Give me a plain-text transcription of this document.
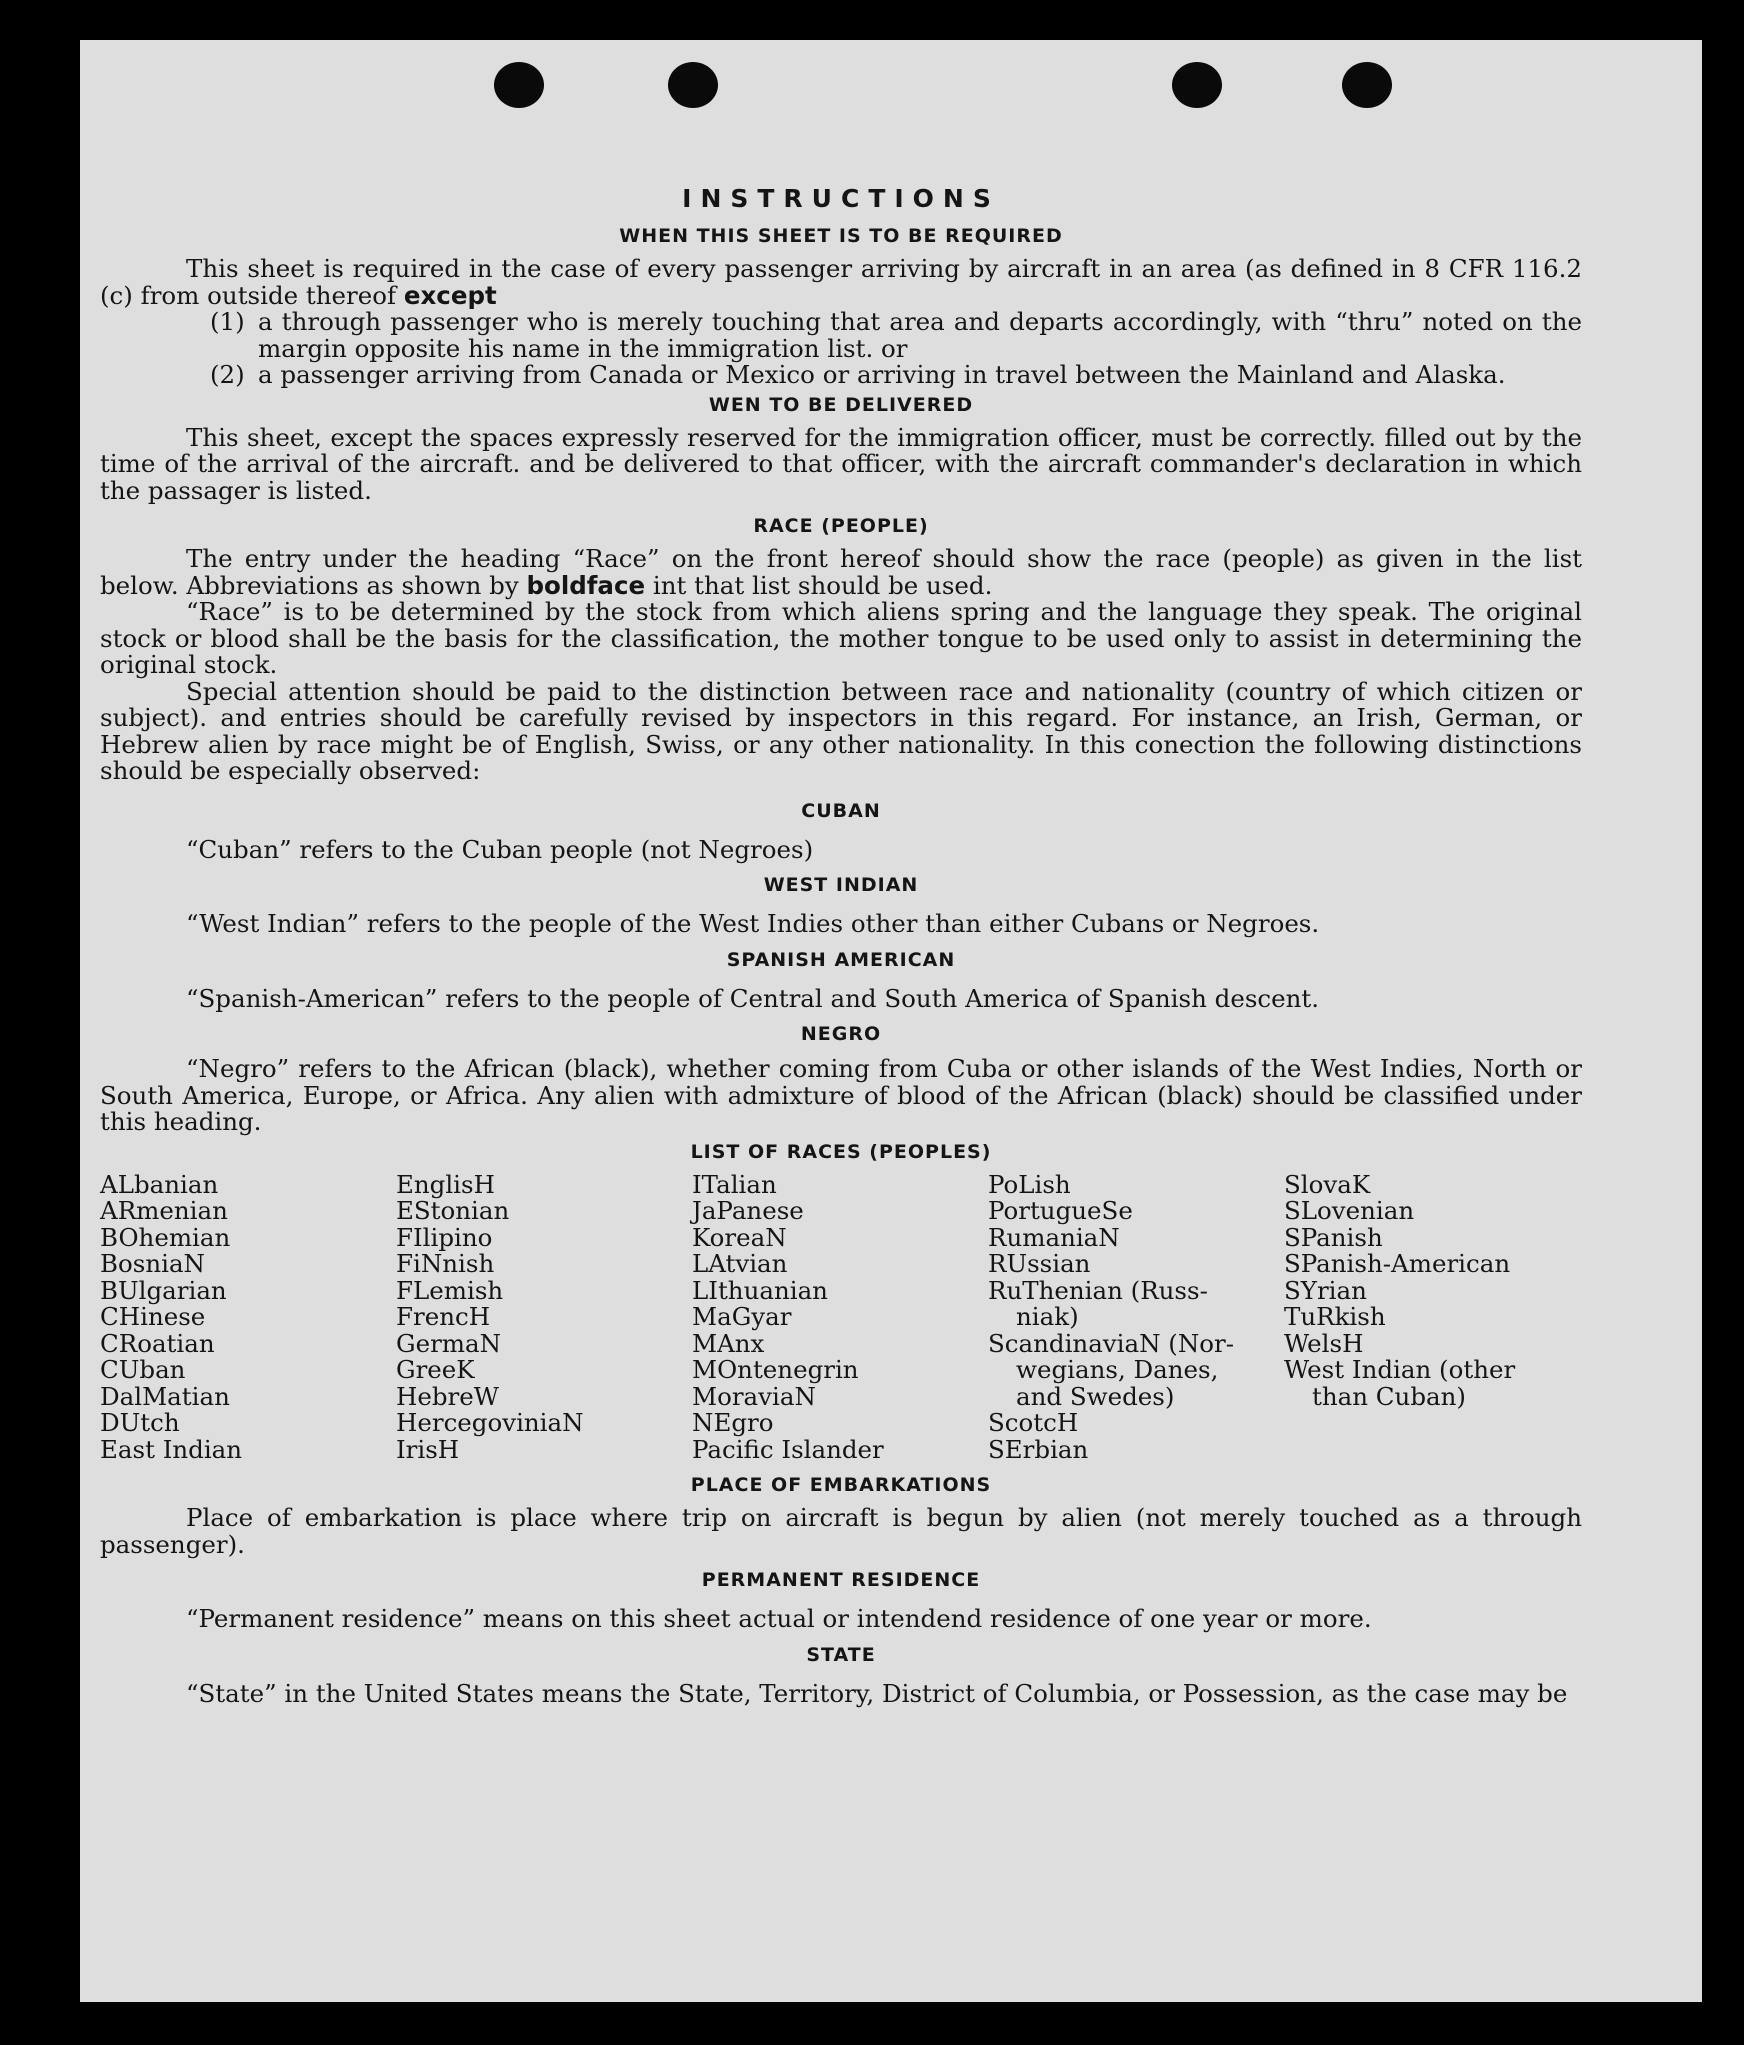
INSTRUCTIONS
WHEN THIS SHEET IS TO BE REQUIRED

This sheet is required in the case of every passenger arriving by aircraft in an area (as defined in 8 CFR 116.2 (c) from outside thereof except

(1) a through passenger who is merely touching that area and departs accordingly, with “thru” noted on the margin opposite his name in the immigration list. or
(2) a passenger arriving from Canada or Mexico or arriving in travel between the Mainland and Alaska.
WEN TO BE DELIVERED

This sheet, except the spaces expressly reserved for the immigration officer, must be correctly. filled out by the time of the arrival of the aircraft. and be delivered to that officer, with the aircraft commander's declaration in which the passager is listed.

RACE (PEOPLE)

The entry under the heading “Race” on the front hereof should show the race (people) as given in the list below. Abbreviations as shown by boldface int that list should be used.

“Race” is to be determined by the stock from which aliens spring and the language they speak. The original stock or blood shall be the basis for the classification, the mother tongue to be used only to assist in determining the original stock.

Special attention should be paid to the distinction between race and nationality (country of which citizen or subject). and entries should be carefully revised by inspectors in this regard. For instance, an Irish, German, or Hebrew alien by race might be of English, Swiss, or any other nationality. In this conection the following distinctions should be especially observed:

CUBAN

“Cuban” refers to the Cuban people (not Negroes)

WEST INDIAN

“West Indian” refers to the people of the West Indies other than either Cubans or Negroes.

SPANISH AMERICAN

“Spanish-American” refers to the people of Central and South America of Spanish descent.

NEGRO

“Negro” refers to the African (black), whether coming from Cuba or other islands of the West Indies, North or South America, Europe, or Africa. Any alien with admixture of blood of the African (black) should be classified under this heading.

LIST OF RACES (PEOPLES)
ALbanian
ARmenian
BOhemian
BosniaN
BUlgarian
CHinese
CRoatian
CUban
DalMatian
DUtch
East Indian
EnglisH
EStonian
FIlipino
FiNnish
FLemish
FrencH
GermaN
GreeK
HebreW
HercegoviniaN
IrisH
ITalian
JaPanese
KoreaN
LAtvian
LIthuanian
MaGyar
MAnx
MOntenegrin
MoraviaN
NEgro
Pacific Islander
PoLish
PortugueSe
RumaniaN
RUssian
RuThenian (Russ-
niak)
ScandinaviaN (Nor-
wegians, Danes,
and Swedes)
ScotcH
SErbian
SlovaK
SLovenian
SPanish
SPanish-American
SYrian
TuRkish
WelsH
West Indian (other
than Cuban)
PLACE OF EMBARKATIONS

Place of embarkation is place where trip on aircraft is begun by alien (not merely touched as a through passenger).

PERMANENT RESIDENCE

“Permanent residence” means on this sheet actual or intendend residence of one year or more.

STATE

“State” in the United States means the State, Territory, District of Columbia, or Possession, as the case may be
